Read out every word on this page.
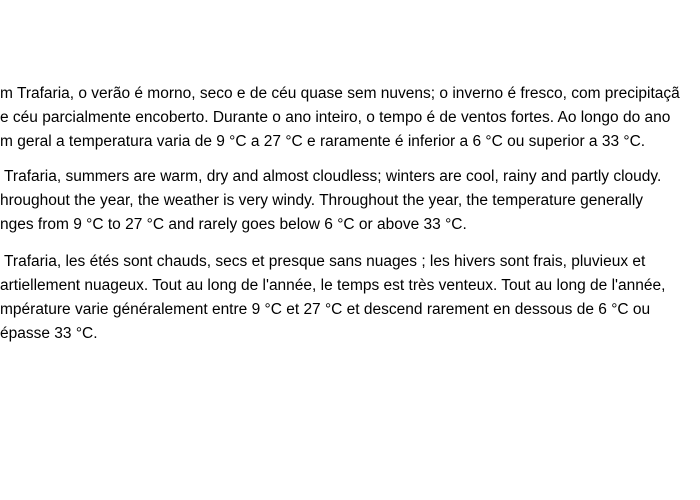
m Trafaria, o verão é morno, seco e de céu quase sem nuvens; o inverno é fresco, com precipitaçã
e céu parcialmente encoberto. Durante o ano inteiro, o tempo é de ventos fortes. Ao longo do ano
m geral a temperatura varia de 9 °C a 27 °C e raramente é inferior a 6 °C ou superior a 33 °C.
Trafaria, summers are warm, dry and almost cloudless; winters are cool, rainy and partly cloudy.
hroughout the year, the weather is very windy. Throughout the year, the temperature generally
nges from 9 °C to 27 °C and rarely goes below 6 °C or above 33 °C.
Trafaria, les étés sont chauds, secs et presque sans nuages ; les hivers sont frais, pluvieux et
artiellement nuageux. Tout au long de l'année, le temps est très venteux. Tout au long de l'année,
mpérature varie généralement entre 9 °C et 27 °C et descend rarement en dessous de 6 °C ou
épasse 33 °C.
